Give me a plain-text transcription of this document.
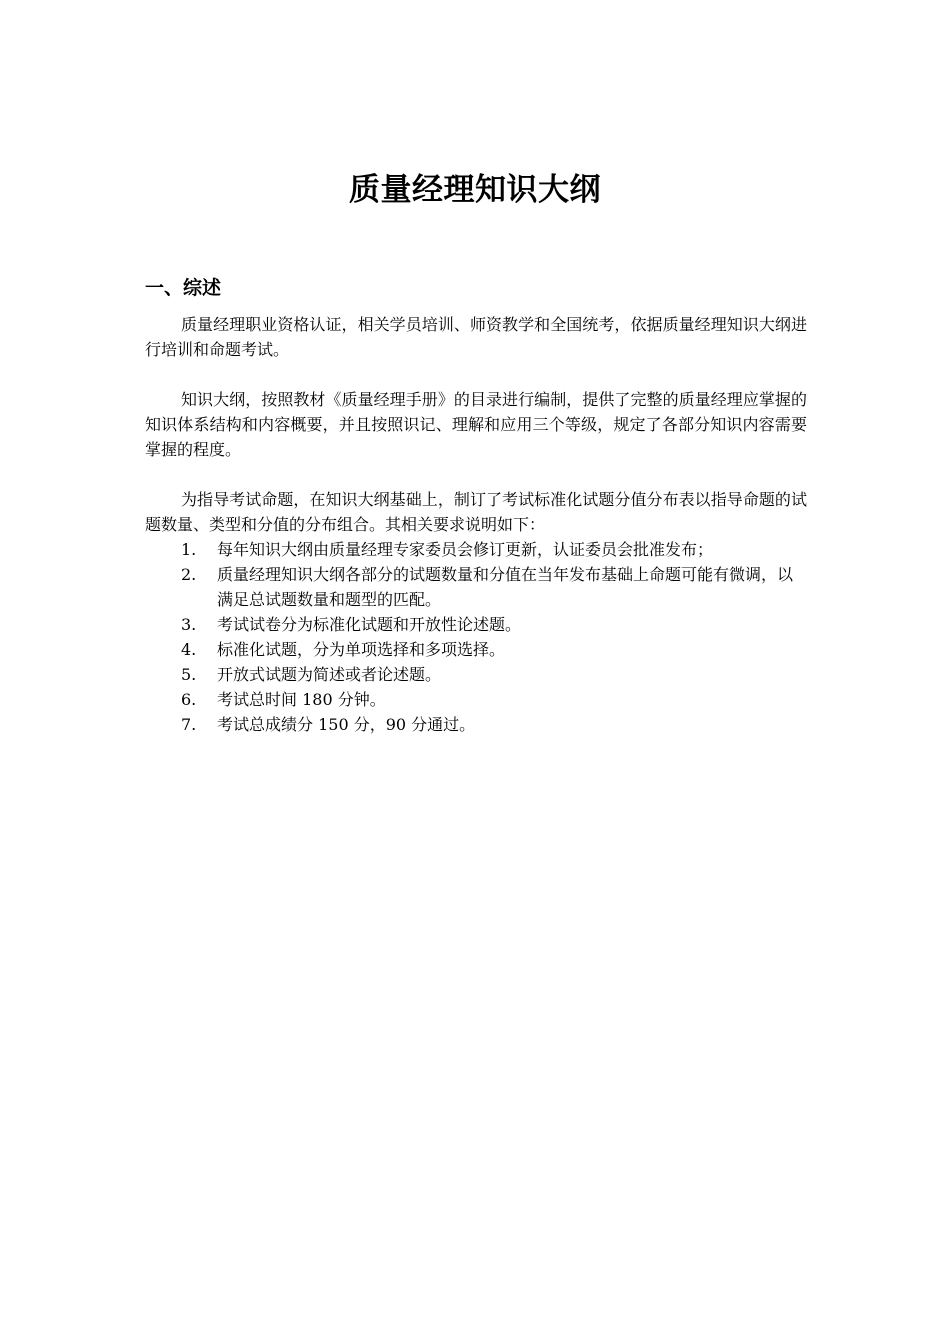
质量经理知识大纲
一、综述

质量经理职业资格认证，相关学员培训、师资教学和全国统考，依据质量经理知识大纲进行培训和命题考试。

知识大纲，按照教材《质量经理手册》的目录进行编制，提供了完整的质量经理应掌握的知识体系结构和内容概要，并且按照识记、理解和应用三个等级，规定了各部分知识内容需要掌握的程度。

为指导考试命题，在知识大纲基础上，制订了考试标准化试题分值分布表以指导命题的试题数量、类型和分值的分布组合。其相关要求说明如下：

1.	每年知识大纲由质量经理专家委员会修订更新，认证委员会批准发布；
2.	质量经理知识大纲各部分的试题数量和分值在当年发布基础上命题可能有微调，以满足总试题数量和题型的匹配。
3.	考试试卷分为标准化试题和开放性论述题。
4.	标准化试题，分为单项选择和多项选择。
5.	开放式试题为简述或者论述题。
6.	考试总时间 180 分钟。
7.	考试总成绩分 150 分，90 分通过。
